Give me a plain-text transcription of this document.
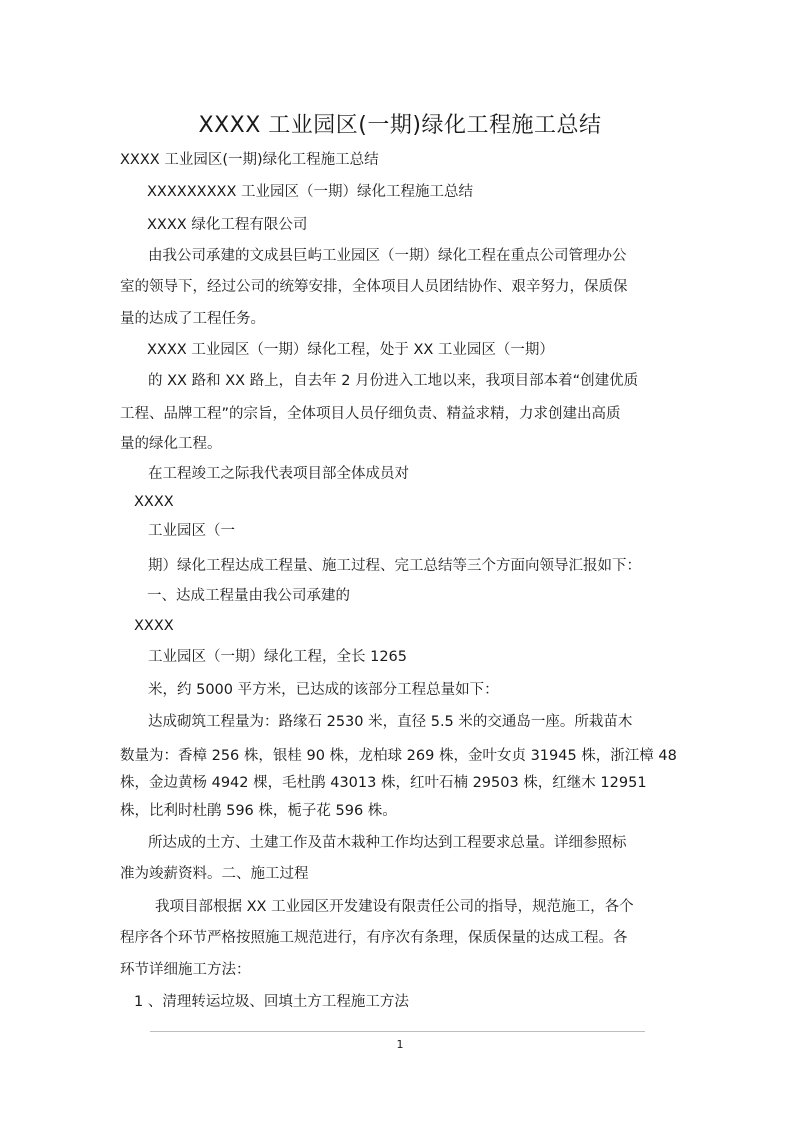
XXXX 工业园区(一期)绿化工程施工总结
XXXX 工业园区(一期)绿化工程施工总结
XXXXXXXXX 工业园区（一期）绿化工程施工总结
XXXX 绿化工程有限公司
由我公司承建的文成县巨屿工业园区（一期）绿化工程在重点公司管理办公
室的领导下，经过公司的统筹安排，全体项目人员团结协作、艰辛努力，保质保
量的达成了工程任务。
XXXX 工业园区（一期）绿化工程，处于 XX 工业园区（一期）
的 XX 路和 XX 路上，自去年 2 月份进入工地以来，我项目部本着“创建优质
工程、品牌工程”的宗旨，全体项目人员仔细负责、精益求精，力求创建出高质
量的绿化工程。
在工程竣工之际我代表项目部全体成员对
XXXX
工业园区（一
期）绿化工程达成工程量、施工过程、完工总结等三个方面向领导汇报如下：
一、达成工程量由我公司承建的
XXXX
工业园区（一期）绿化工程，全长 1265
米，约 5000 平方米，已达成的该部分工程总量如下：
达成砌筑工程量为：路缘石 2530 米，直径 5.5 米的交通岛一座。所栽苗木
数量为：香樟 256 株，银桂 90 株，龙柏球 269 株，金叶女贞 31945 株，浙江樟 48
株，金边黄杨 4942 棵，毛杜鹃 43013 株，红叶石楠 29503 株，红继木 12951
株，比利时杜鹃 596 株，栀子花 596 株。
所达成的土方、土建工作及苗木栽种工作均达到工程要求总量。详细参照标
准为竣薪资料。二、施工过程
我项目部根据 XX 工业园区开发建设有限责任公司的指导，规范施工，各个
程序各个环节严格按照施工规范进行，有序次有条理，保质保量的达成工程。各
环节详细施工方法：
1 、清理转运垃圾、回填土方工程施工方法
1
